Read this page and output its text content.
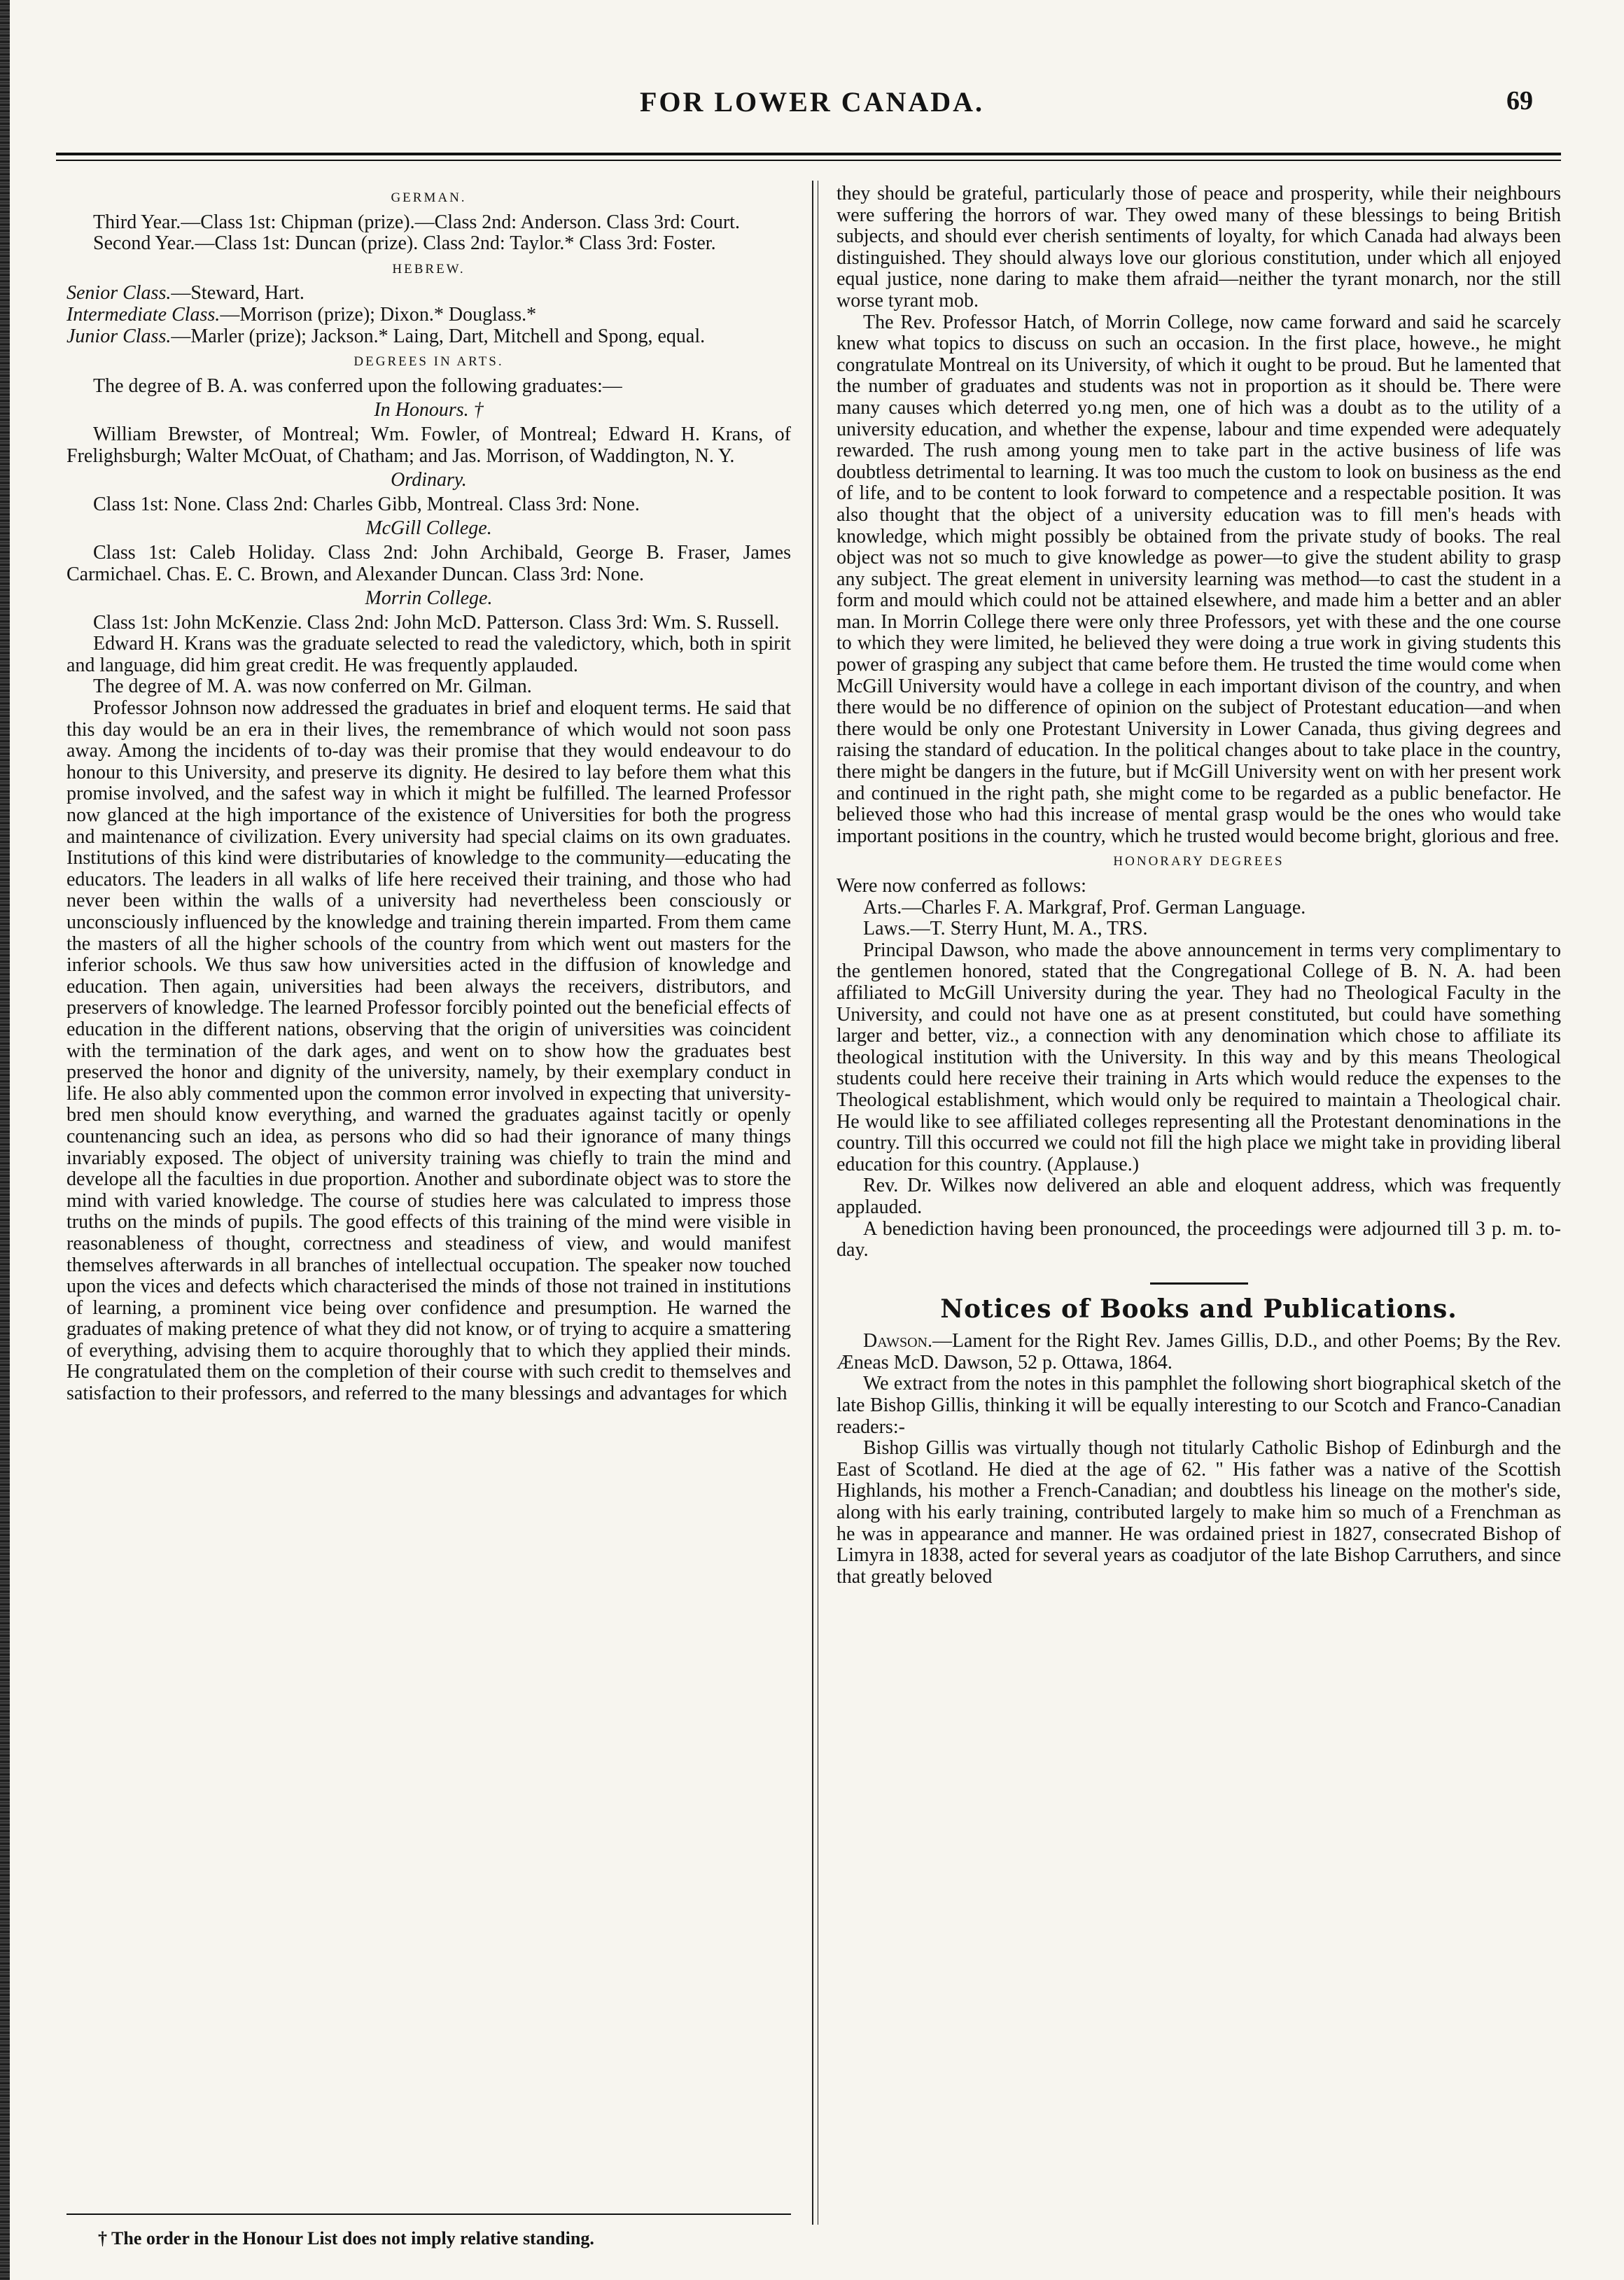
FOR LOWER CANADA.	69
GERMAN.

Third Year.—Class 1st: Chipman (prize).—Class 2nd: Anderson. Class 3rd: Court.

Second Year.—Class 1st: Duncan (prize). Class 2nd: Taylor.* Class 3rd: Foster.

HEBREW.

Senior Class.—Steward, Hart.

Intermediate Class.—Morrison (prize); Dixon.* Douglass.*

Junior Class.—Marler (prize); Jackson.* Laing, Dart, Mitchell and Spong, equal.

DEGREES IN ARTS.

The degree of B. A. was conferred upon the following graduates:—

In Honours. †

William Brewster, of Montreal; Wm. Fowler, of Montreal; Edward H. Krans, of Frelighsburgh; Walter McOuat, of Chatham; and Jas. Morrison, of Waddington, N. Y.

Ordinary.

Class 1st: None. Class 2nd: Charles Gibb, Montreal. Class 3rd: None.

McGill College.

Class 1st: Caleb Holiday. Class 2nd: John Archibald, George B. Fraser, James Carmichael. Chas. E. C. Brown, and Alexander Duncan. Class 3rd: None.

Morrin College.

Class 1st: John McKenzie. Class 2nd: John McD. Patterson. Class 3rd: Wm. S. Russell.

Edward H. Krans was the graduate selected to read the valedictory, which, both in spirit and language, did him great credit. He was frequently applauded.

The degree of M. A. was now conferred on Mr. Gilman.

Professor Johnson now addressed the graduates in brief and eloquent terms. He said that this day would be an era in their lives, the remembrance of which would not soon pass away. Among the incidents of to-day was their promise that they would endeavour to do honour to this University, and preserve its dignity. He desired to lay before them what this promise involved, and the safest way in which it might be fulfilled. The learned Professor now glanced at the high importance of the existence of Universities for both the progress and maintenance of civilization. Every university had special claims on its own graduates. Institutions of this kind were distributaries of knowledge to the community—educating the educators. The leaders in all walks of life here received their training, and those who had never been within the walls of a university had nevertheless been consciously or unconsciously influenced by the knowledge and training therein imparted. From them came the masters of all the higher schools of the country from which went out masters for the inferior schools. We thus saw how universities acted in the diffusion of knowledge and education. Then again, universities had been always the receivers, distributors, and preservers of knowledge. The learned Professor forcibly pointed out the beneficial effects of education in the different nations, observing that the origin of universities was coincident with the termination of the dark ages, and went on to show how the graduates best preserved the honor and dignity of the university, namely, by their exemplary conduct in life. He also ably commented upon the common error involved in expecting that university-bred men should know everything, and warned the graduates against tacitly or openly countenancing such an idea, as persons who did so had their ignorance of many things invariably exposed. The object of university training was chiefly to train the mind and develope all the faculties in due proportion. Another and subordinate object was to store the mind with varied knowledge. The course of studies here was calculated to impress those truths on the minds of pupils. The good effects of this training of the mind were visible in reasonableness of thought, correctness and steadiness of view, and would manifest themselves afterwards in all branches of intellectual occupation. The speaker now touched upon the vices and defects which characterised the minds of those not trained in institutions of learning, a prominent vice being over confidence and presumption. He warned the graduates of making pretence of what they did not know, or of trying to acquire a smattering of everything, advising them to acquire thoroughly that to which they applied their minds. He congratulated them on the completion of their course with such credit to themselves and satisfaction to their professors, and referred to the many blessings and advantages for which

they should be grateful, particularly those of peace and prosperity, while their neighbours were suffering the horrors of war. They owed many of these blessings to being British subjects, and should ever cherish sentiments of loyalty, for which Canada had always been distinguished. They should always love our glorious constitution, under which all enjoyed equal justice, none daring to make them afraid—neither the tyrant monarch, nor the still worse tyrant mob.

The Rev. Professor Hatch, of Morrin College, now came forward and said he scarcely knew what topics to discuss on such an occasion. In the first place, howeve., he might congratulate Montreal on its University, of which it ought to be proud. But he lamented that the number of graduates and students was not in proportion as it should be. There were many causes which deterred yo.ng men, one of hich was a doubt as to the utility of a university education, and whether the expense, labour and time expended were adequately rewarded. The rush among young men to take part in the active business of life was doubtless detrimental to learning. It was too much the custom to look on business as the end of life, and to be content to look forward to competence and a respectable position. It was also thought that the object of a university education was to fill men's heads with knowledge, which might possibly be obtained from the private study of books. The real object was not so much to give knowledge as power—to give the student ability to grasp any subject. The great element in university learning was method—to cast the student in a form and mould which could not be attained elsewhere, and made him a better and an abler man. In Morrin College there were only three Professors, yet with these and the one course to which they were limited, he believed they were doing a true work in giving students this power of grasping any subject that came before them. He trusted the time would come when McGill University would have a college in each important divison of the country, and when there would be no difference of opinion on the subject of Protestant education—and when there would be only one Protestant University in Lower Canada, thus giving degrees and raising the standard of education. In the political changes about to take place in the country, there might be dangers in the future, but if McGill University went on with her present work and continued in the right path, she might come to be regarded as a public benefactor. He believed those who had this increase of mental grasp would be the ones who would take important positions in the country, which he trusted would become bright, glorious and free.

HONORARY DEGREES

Were now conferred as follows:

Arts.—Charles F. A. Markgraf, Prof. German Language.

Laws.—T. Sterry Hunt, M. A., TRS.

Principal Dawson, who made the above announcement in terms very complimentary to the gentlemen honored, stated that the Congregational College of B. N. A. had been affiliated to McGill University during the year. They had no Theological Faculty in the University, and could not have one as at present constituted, but could have something larger and better, viz., a connection with any denomination which chose to affiliate its theological institution with the University. In this way and by this means Theological students could here receive their training in Arts which would reduce the expenses to the Theological establishment, which would only be required to maintain a Theological chair. He would like to see affiliated colleges representing all the Protestant denominations in the country. Till this occurred we could not fill the high place we might take in providing liberal education for this country. (Applause.)

Rev. Dr. Wilkes now delivered an able and eloquent address, which was frequently applauded.

A benediction having been pronounced, the proceedings were adjourned till 3 p. m. to-day.

Notices of Books and Publications.

Dawson.—Lament for the Right Rev. James Gillis, D.D., and other Poems; By the Rev. Æneas McD. Dawson, 52 p. Ottawa, 1864.

We extract from the notes in this pamphlet the following short biographical sketch of the late Bishop Gillis, thinking it will be equally interesting to our Scotch and Franco-Canadian readers:-

Bishop Gillis was virtually though not titularly Catholic Bishop of Edinburgh and the East of Scotland. He died at the age of 62. " His father was a native of the Scottish Highlands, his mother a French-Canadian; and doubtless his lineage on the mother's side, along with his early training, contributed largely to make him so much of a Frenchman as he was in appearance and manner. He was ordained priest in 1827, consecrated Bishop of Limyra in 1838, acted for several years as coadjutor of the late Bishop Carruthers, and since that greatly beloved

† The order in the Honour List does not imply relative standing.
